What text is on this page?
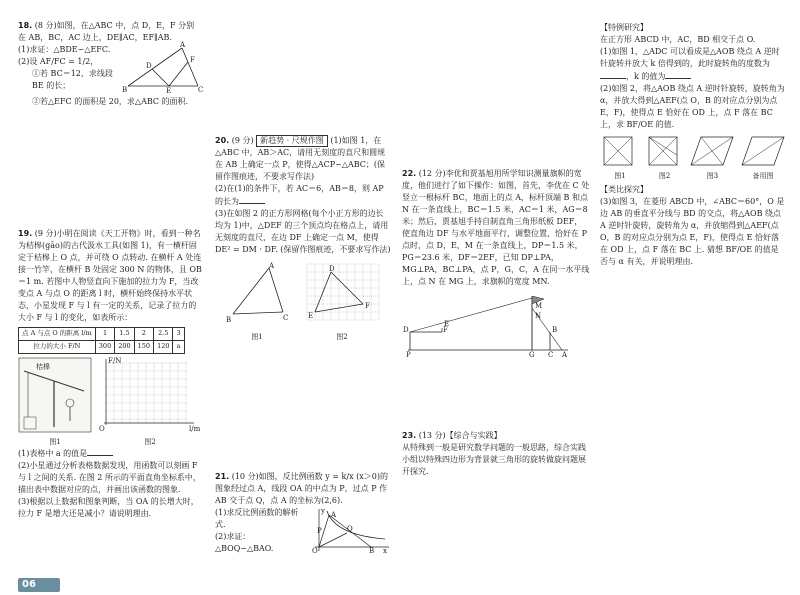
18. (8 分)如图，在△ABC 中，点 D，E，F 分别在 AB，BC，AC 边上，DE∥AC，EF∥AB.

(1)求证：△BDE∽△EFC.

(2)设 AF/FC = 1/2，

①若 BC＝12，求线段 BE 的长；

A
D
F
B	E	C

②若△EFC 的面积是 20，求△ABC 的面积.

19. (9 分)小明在阅读《天工开物》时，看到一种名为桔槔(gāo)的古代汲水工具(如图 1)，有一横杆固定于桔槔上 O 点，并可绕 O 点转动. 在横杆 A 处连接一竹竿，在横杆 B 处固定 300 N 的物体，且 OB＝1 m. 若图中人物竖直向下施加的拉力为 F，当改变点 A 与点 O 的距离 l 时，横杆始终保持水平状态，小星发现 F 与 l 有一定的关系，记录了拉力的大小 F 与 l 的变化，如表所示：

点 A 与点 O 的距离 l/m	1	1.5	2	2.5	3
拉力的大小 F/N	300	200	150	120	a
桔槔
F/N
l/m
O
图1	图2

(1)表格中 a 的值是

(2)小星通过分析表格数据发现，用函数可以刻画 F 与 l 之间的关系. 在图 2 所示的平面直角坐标系中，描出表中数据对应的点，并画出该函数的图象.

(3)根据以上数据和图象判断，当 OA 的长增大时，拉力 F 是增大还是减小？请说明理由.

20. (9 分) 新趋势 · 尺规作图 (1)如图 1，在△ABC 中，AB＞AC，请用无刻度的直尺和圆规在 AB 上确定一点 P，使得△ACP∽△ABC；(保留作图痕迹，不要求写作法)

(2)在(1)的条件下，若 AC＝6，AB＝8，则 AP 的长为

(3)在如图 2 的正方形网格(每个小正方形的边长均为 1)中，△DEF 的三个顶点均在格点上，请用无刻度的直尺，在边 DF 上确定一点 M，使得 DE² = DM · DF. (保留作图痕迹，不要求写作法)

A
B	C
D
E
F
图1	图2

21. (10 分)如图，反比例函数 y = k/x (x＞0)的图象经过点 A，线段 OA 的中点为 P，过点 P 作 AB 交于点 Q，点 A 的坐标为(2,6).

(1)求反比例函数的解析式.

(2)求证：△BOQ∽△BAO.

y A
P	Q
O	B x

22. (12 分)李优和贾基旭用所学知识测量旗帜的宽度，他们进行了如下操作：如图，首先，李优在 C 处竖立一根标杆 BC，地面上的点 A，标杆顶端 B 和点 N 在一条直线上，BC＝1.5 米，AC＝1 米，AG＝8 米；然后，贾基旭手持自制直角三角形纸板 DEF，使直角边 DF 与水平地面平行，调整位置，恰好在 P 点时，点 D，E，M 在一条直线上，DP＝1.5 米，PG＝23.6 米，DF＝2EF，已知 DP⊥PA，MG⊥PA，BC⊥PA，点 P，G，C，A 在同一水平线上，点 N 在 MG 上，求旗帜的宽度 MN.

M
N
D	F
E
B
P	G C A

23. (13 分)【综合与实践】

从特殊到一般是研究数学问题的一般思路，综合实践小组以特殊四边形为背景就三角形的旋转做旋问题展开探究.

【特例研究】

在正方形 ABCD 中，AC，BD 相交于点 O.

(1)如图 1，△ADC 可以看成是△AOB 绕点 A 逆时针旋转并放大 k 倍得到的，此时旋转角的度数为，k 的值为

(2)如图 2，将△AOB 绕点 A 逆时针旋转，旋转角为 α，并放大得到△AEF(点 O，B 的对应点分别为点 E，F)，使得点 E 恰好在 OD 上，点 F 落在 BC 上，求 BF/OE 的值.

图1	图2	图3	备用图

【类比探究】

(3)如图 3，在菱形 ABCD 中，∠ABC＝60°，O 是边 AB 的垂直平分线与 BD 的交点，将△AOB 绕点 A 逆时针旋转，旋转角为 α，并放缩得到△AEF(点 O，B 的对应点分别为点 E，F)，使得点 E 恰好落在 OD 上，点 F 落在 BC 上. 猜想 BF/OE 的值是否与 α 有关，并说明理由.

06
